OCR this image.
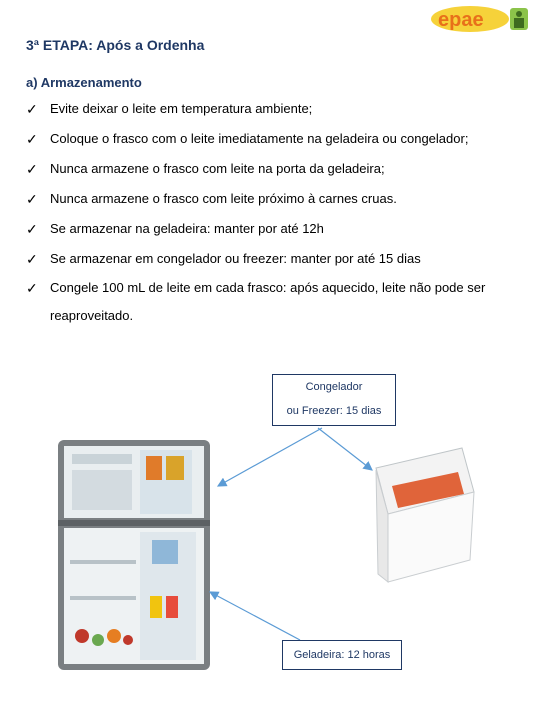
epae
3ª ETAPA: Após a Ordenha
a) Armazenamento
✓ Evite deixar o leite em temperatura ambiente;
✓ Coloque o frasco com o leite imediatamente na geladeira ou congelador;
✓ Nunca armazene o frasco com leite na porta da geladeira;
✓ Nunca armazene o frasco com leite próximo à carnes cruas.
✓ Se armazenar na geladeira: manter por até 12h
✓ Se armazenar em congelador ou freezer: manter por até 15 dias
✓ Congele 100 mL de leite em cada frasco: após aquecido, leite não pode ser reaproveitado.
Congelador
ou Freezer: 15 dias
Geladeira: 12 horas
